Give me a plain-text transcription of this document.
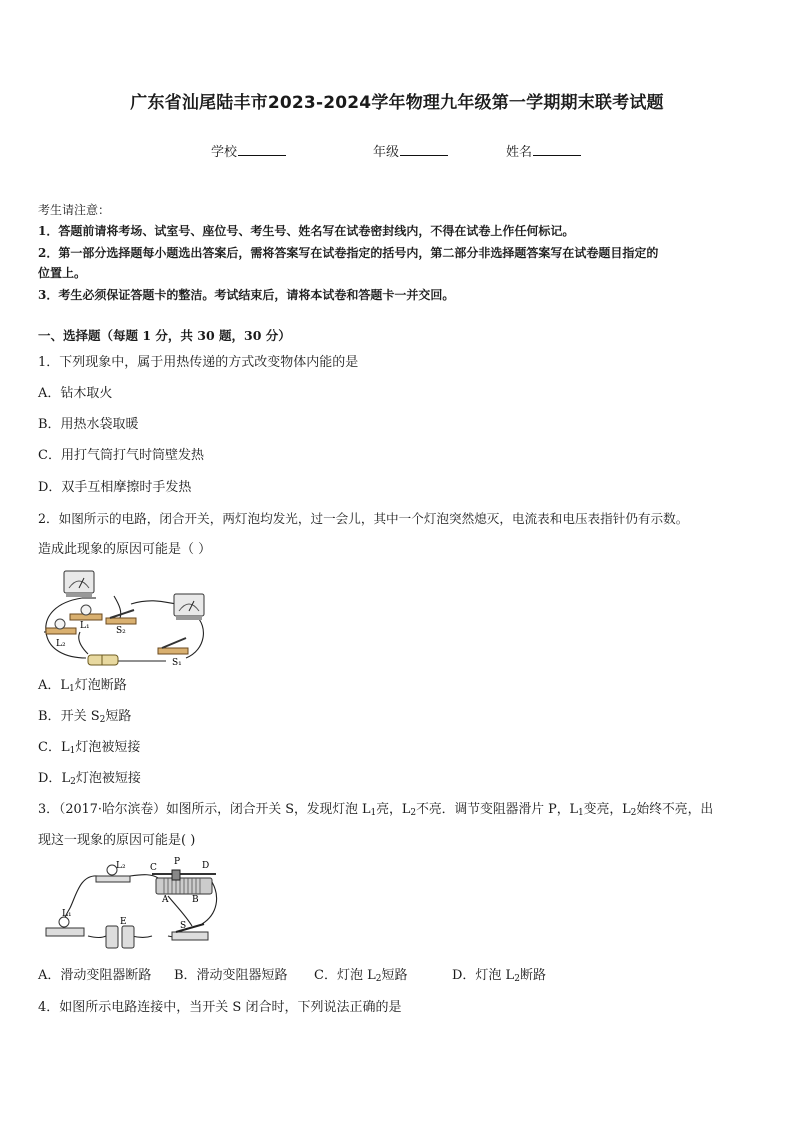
广东省汕尾陆丰市2023-2024学年物理九年级第一学期期末联考试题
学校	年级	姓名
考生请注意：
1．答题前请将考场、试室号、座位号、考生号、姓名写在试卷密封线内，不得在试卷上作任何标记。
2．第一部分选择题每小题选出答案后，需将答案写在试卷指定的括号内，第二部分非选择题答案写在试卷题目指定的
位置上。
3．考生必须保证答题卡的整洁。考试结束后，请将本试卷和答题卡一并交回。
一、选择题（每题 1 分，共 30 题，30 分）
1．下列现象中，属于用热传递的方式改变物体内能的是
A．钻木取火
B．用热水袋取暖
C．用打气筒打气时筒壁发热
D．双手互相摩擦时手发热
2．如图所示的电路，闭合开关，两灯泡均发光，过一会儿，其中一个灯泡突然熄灭，电流表和电压表指针仍有示数。
造成此现象的原因可能是（ ）
L₁
L₂
S₂
S₁
A．$L_1$灯泡断路
B．开关 $S_2$短路
C．$L_1$灯泡被短接
D．$L_2$灯泡被短接
3．（2017·哈尔滨卷）如图所示，闭合开关 S，发现灯泡 $L_1$亮，$L_2$不亮．调节变阻器滑片 P，$L_1$变亮，$L_2$始终不亮，出
现这一现象的原因可能是( )
L₂	C
P D
A	B
L₁
E	S
A．滑动变阻器断路 B．滑动变阻器短路 C．灯泡 $L_2$短路	D．灯泡 $L_2$断路
4．如图所示电路连接中，当开关 S 闭合时，下列说法正确的是
